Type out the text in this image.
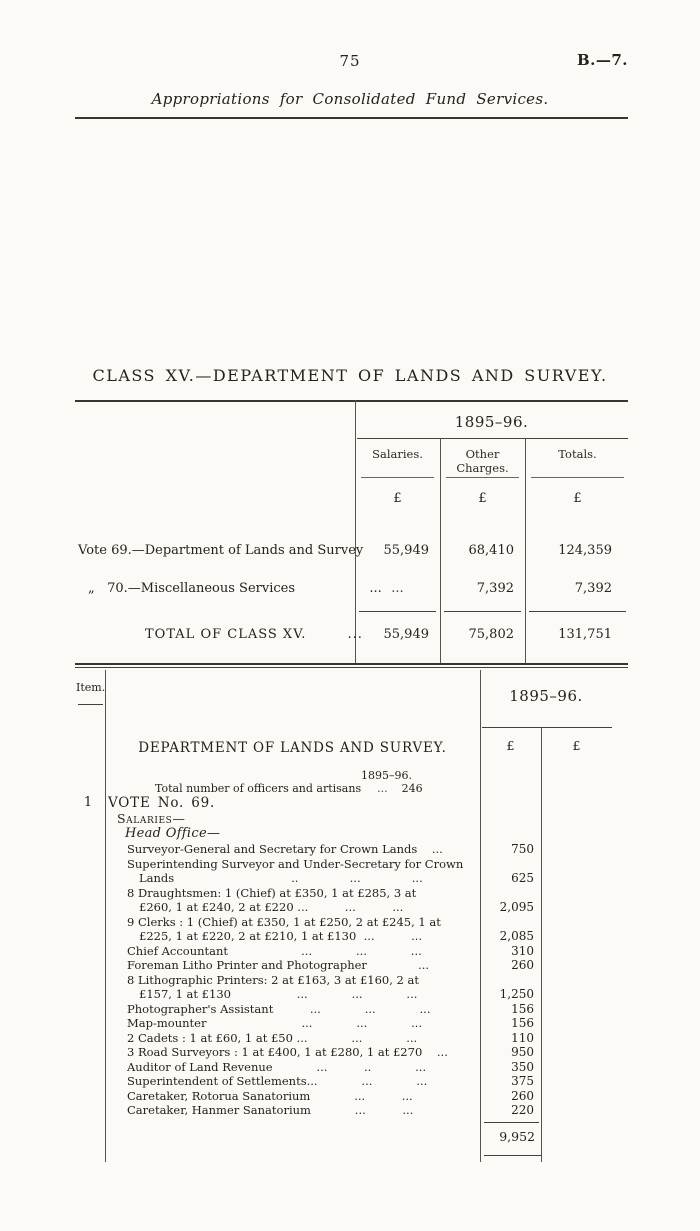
75	B.—7.
Appropriations for Consolidated Fund Services.
CLASS XV.—DEPARTMENT OF LANDS AND SURVEY.
1895–96.
Salaries.	Other Charges.
Totals.
£	£	£
Vote 69.—Department of Lands and Survey	55,949	68,410	124,359
„   70.—Miscellaneous Services                  ... ...	7,392	7,392
TOTAL OF CLASS XV.        ...	55,949	75,802	131,751
Item.	1895–96.
£	£
DEPARTMENT OF LANDS AND SURVEY.
1895–96.
Total number of officers and artisans ... 246
1	VOTE No. 69.
Salaries—
Head Office—
Surveyor-General and Secretary for Crown Lands    ...	750
Superintending Surveyor and Under-Secretary for Crown
Lands                                ..              ...              ...	625
8 Draughtsmen: 1 (Chief) at £350, 1 at £285, 3 at
£260, 1 at £240, 2 at £220 ...          ...          ...	2,095
9 Clerks : 1 (Chief) at £350, 1 at £250, 2 at £245, 1 at
£225, 1 at £220, 2 at £210, 1 at £130  ...          ...	2,085
Chief Accountant                    ...            ...            ...	310
Foreman Litho Printer and Photographer              ...	260
8 Lithographic Printers: 2 at £163, 3 at £160, 2 at
£157, 1 at £130                  ...            ...            ...	1,250
Photographer's Assistant          ...            ...            ...	156
Map-mounter                          ...            ...            ...	156
2 Cadets : 1 at £60, 1 at £50 ...            ...            ...	110
3 Road Surveyors : 1 at £400, 1 at £280, 1 at £270    ...	950
Auditor of Land Revenue            ...          ..            ...	350
Superintendent of Settlements...            ...            ...	375
Caretaker, Rotorua Sanatorium            ...          ...	260
Caretaker, Hanmer Sanatorium            ...          ...	220
9,952
